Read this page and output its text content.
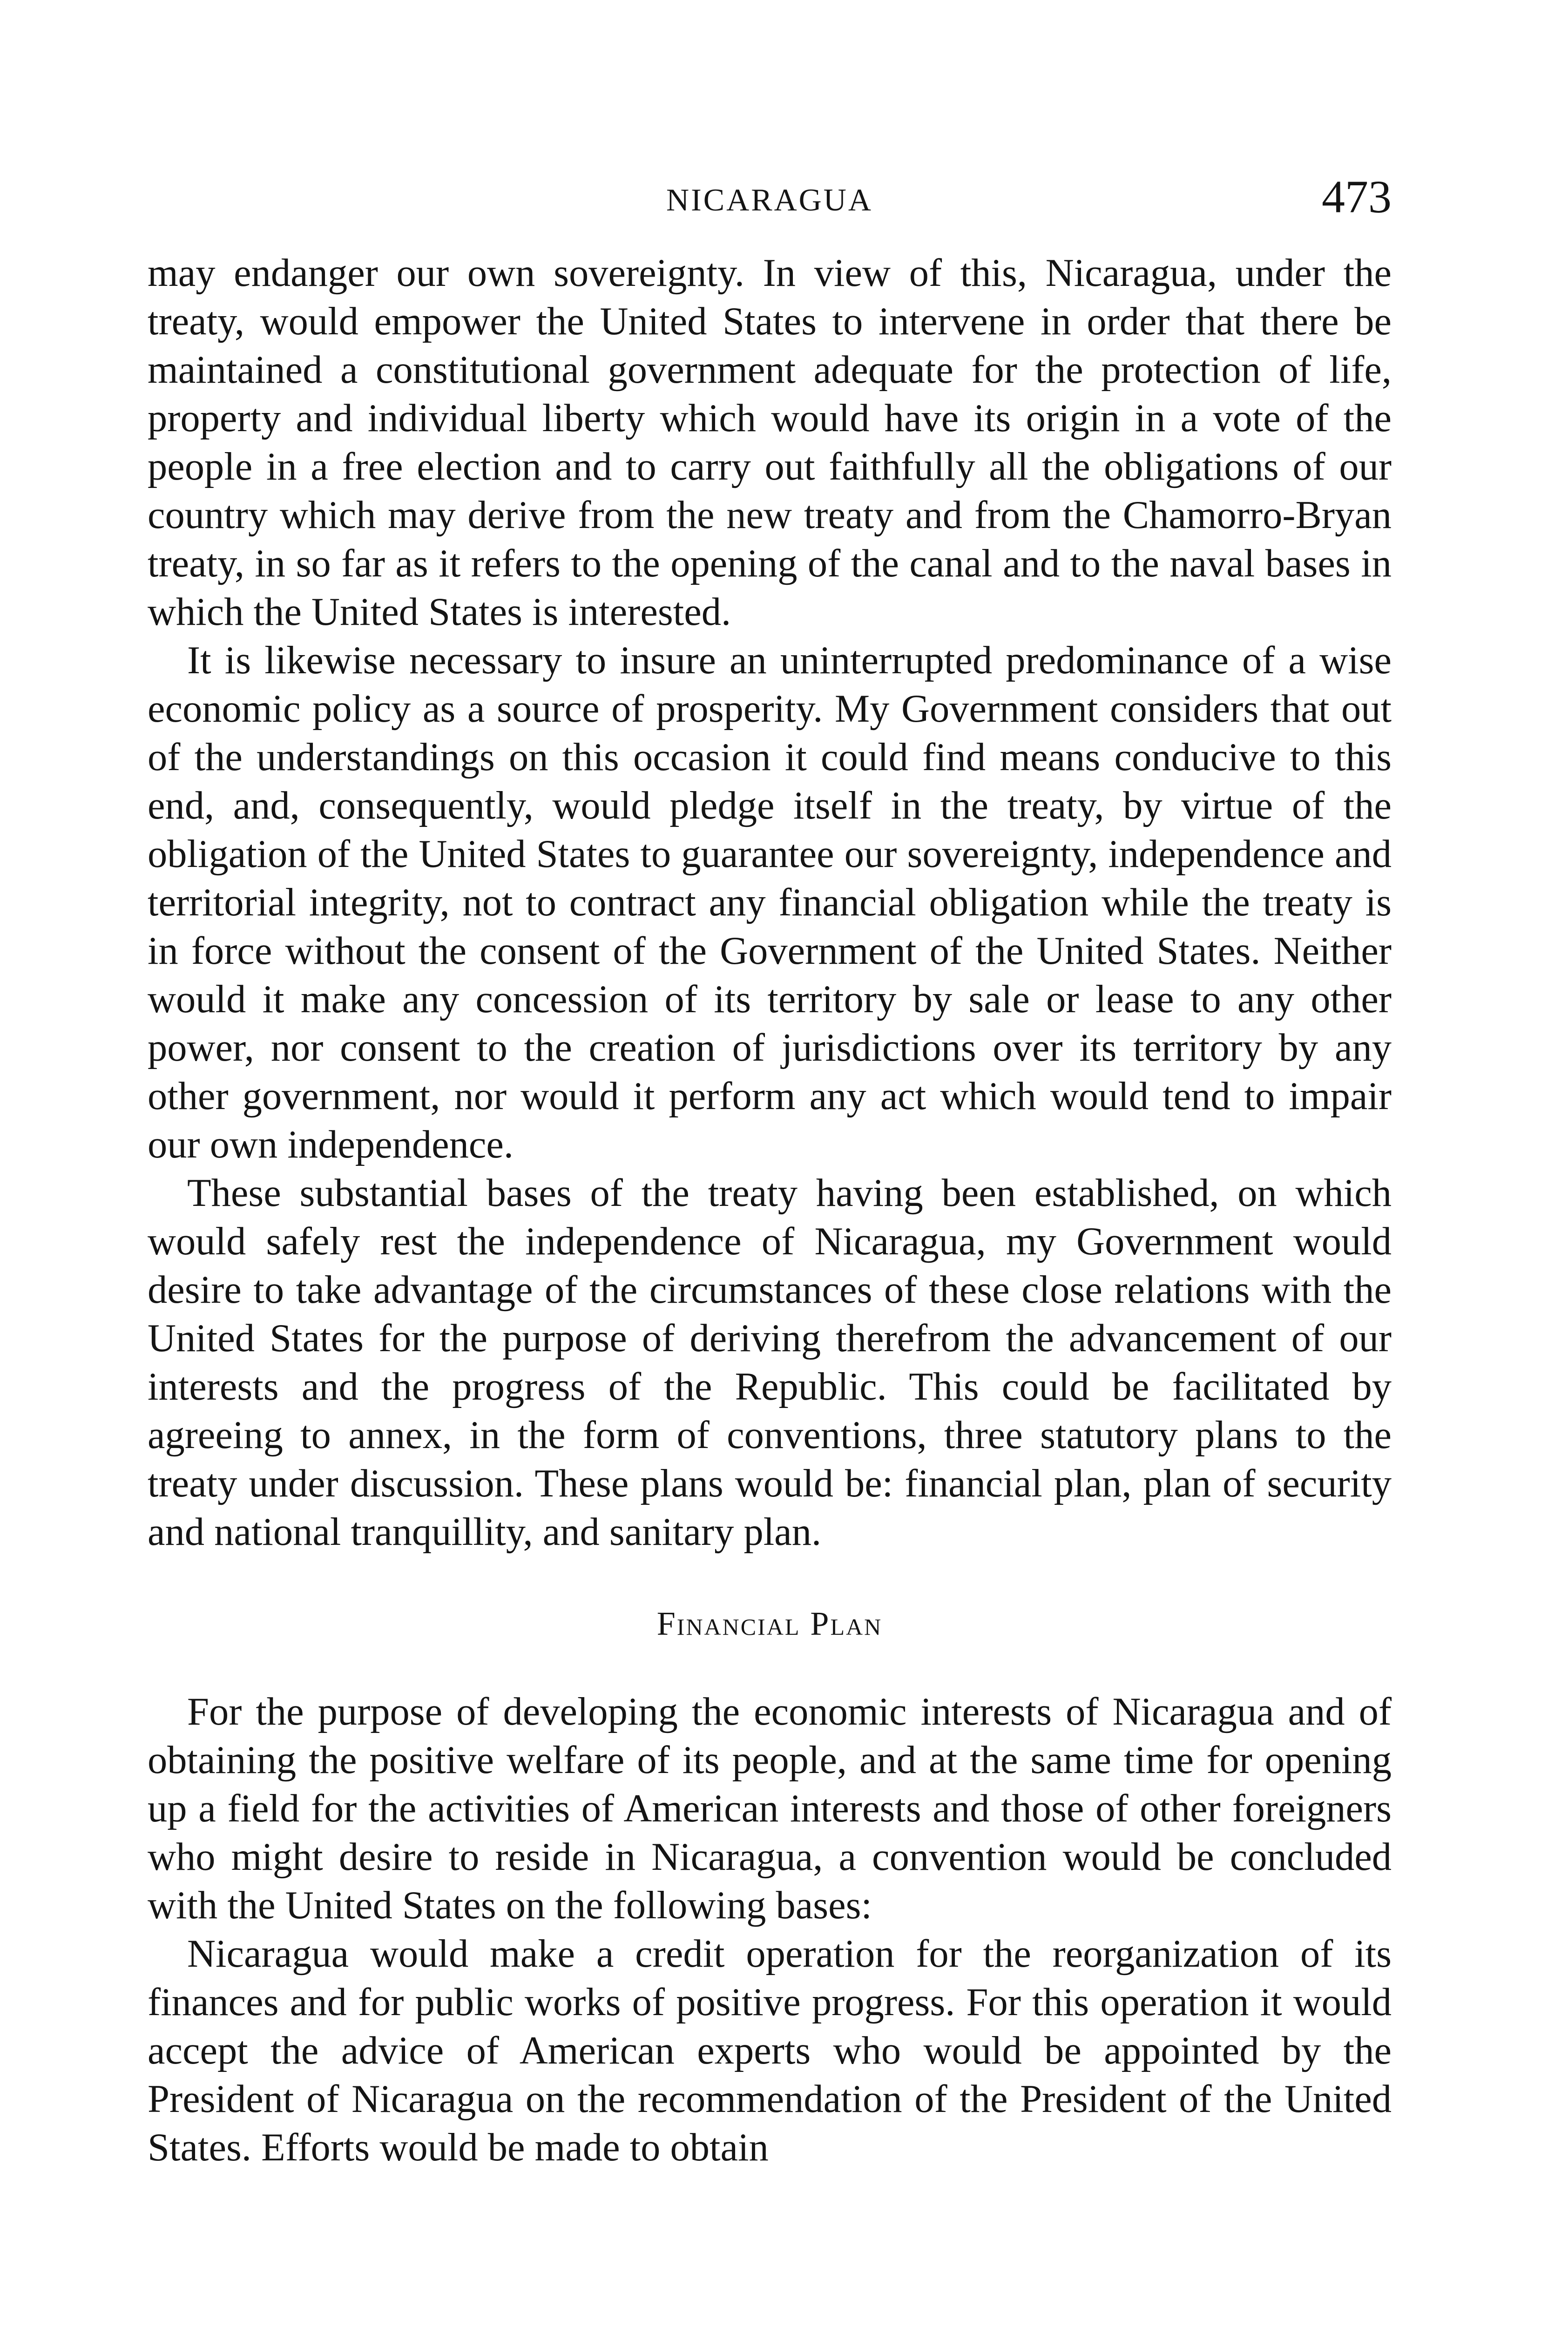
NICARAGUA	473

may endanger our own sovereignty. In view of this, Nicaragua, under the treaty, would empower the United States to intervene in order that there be maintained a constitutional government adequate for the protection of life, property and individual liberty which would have its origin in a vote of the people in a free election and to carry out faithfully all the obligations of our country which may derive from the new treaty and from the Chamorro-Bryan treaty, in so far as it refers to the opening of the canal and to the naval bases in which the United States is interested.

It is likewise necessary to insure an uninterrupted predominance of a wise economic policy as a source of prosperity. My Government considers that out of the understandings on this occasion it could find means conducive to this end, and, consequently, would pledge itself in the treaty, by virtue of the obligation of the United States to guarantee our sovereignty, independence and territorial integrity, not to contract any financial obligation while the treaty is in force without the consent of the Government of the United States. Neither would it make any concession of its territory by sale or lease to any other power, nor consent to the creation of jurisdictions over its territory by any other government, nor would it perform any act which would tend to impair our own independence.

These substantial bases of the treaty having been established, on which would safely rest the independence of Nicaragua, my Government would desire to take advantage of the circumstances of these close relations with the United States for the purpose of deriving therefrom the advancement of our interests and the progress of the Republic. This could be facilitated by agreeing to annex, in the form of conventions, three statutory plans to the treaty under discussion. These plans would be: financial plan, plan of security and national tranquillity, and sanitary plan.

Financial Plan

For the purpose of developing the economic interests of Nicaragua and of obtaining the positive welfare of its people, and at the same time for opening up a field for the activities of American interests and those of other foreigners who might desire to reside in Nicaragua, a convention would be concluded with the United States on the following bases:

Nicaragua would make a credit operation for the reorganization of its finances and for public works of positive progress. For this operation it would accept the advice of American experts who would be appointed by the President of Nicaragua on the recommendation of the President of the United States. Efforts would be made to obtain
